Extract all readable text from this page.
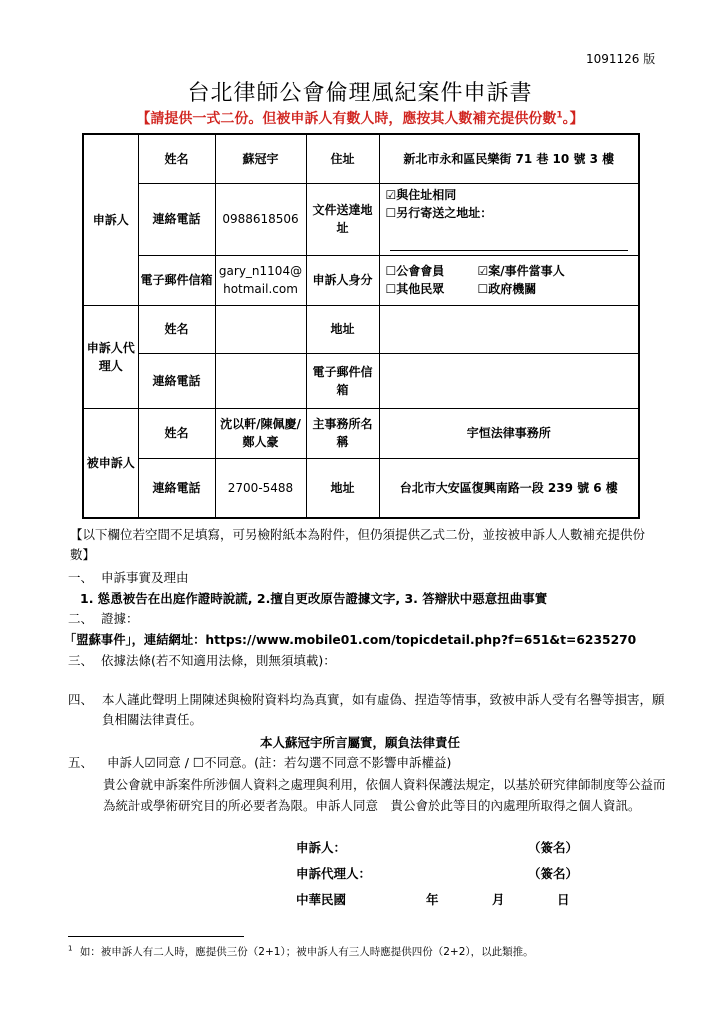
1091126 版
台北律師公會倫理風紀案件申訴書
【請提供一式二份。但被申訴人有數人時，應按其人數補充提供份數$^1$。】
申訴人	姓名	蘇冠宇	住址	新北市永和區民樂街 71 巷 10 號 3 樓
	連絡電話	0988618506	文件送達地址	☑與住址相同
☐另行寄送之地址：

	電子郵件信箱	gary_n1104@hotmail.com	申訴人身分	☐公會會員 ☑案/事件當事人
☐其他民眾 ☐政府機關

申訴人代理人	姓名		地址	
	連絡電話		電子郵件信箱	
被申訴人	姓名	沈以軒/陳佩慶/鄭人豪	主事務所名稱	宇恒法律事務所
	連絡電話	2700-5488	地址	台北市大安區復興南路一段 239 號 6 樓
【以下欄位若空間不足填寫，可另檢附紙本為附件，但仍須提供乙式二份，並按被申訴人人數補充提供份數】
一、 申訴事實及理由
1. 慫恿被告在出庭作證時說謊, 2.擅自更改原告證據文字, 3. 答辯狀中惡意扭曲事實
二、 證據：
「盟蘇事件」，連結網址：https://www.mobile01.com/topicdetail.php?f=651&t=6235270
三、 依據法條(若不知適用法條，則無須填載)：
四、 本人謹此聲明上開陳述與檢附資料均為真實，如有虛偽、捏造等情事，致被申訴人受有名譽等損害，願負相關法律責任。
本人蘇冠宇所言屬實，願負法律責任
五、 申訴人☑同意 / ☐不同意。(註：若勾選不同意不影響申訴權益)
貴公會就申訴案件所涉個人資料之處理與利用，依個人資料保護法規定，以基於研究律師制度等公益而為統計或學術研究目的所必要者為限。申訴人同意　貴公會於此等目的內處理所取得之個人資訊。
申訴人：	（簽名）
申訴代理人：	（簽名）
中華民國	年	月	日
$^1$ 如：被申訴人有二人時，應提供三份（2+1）；被申訴人有三人時應提供四份（2+2），以此類推。
